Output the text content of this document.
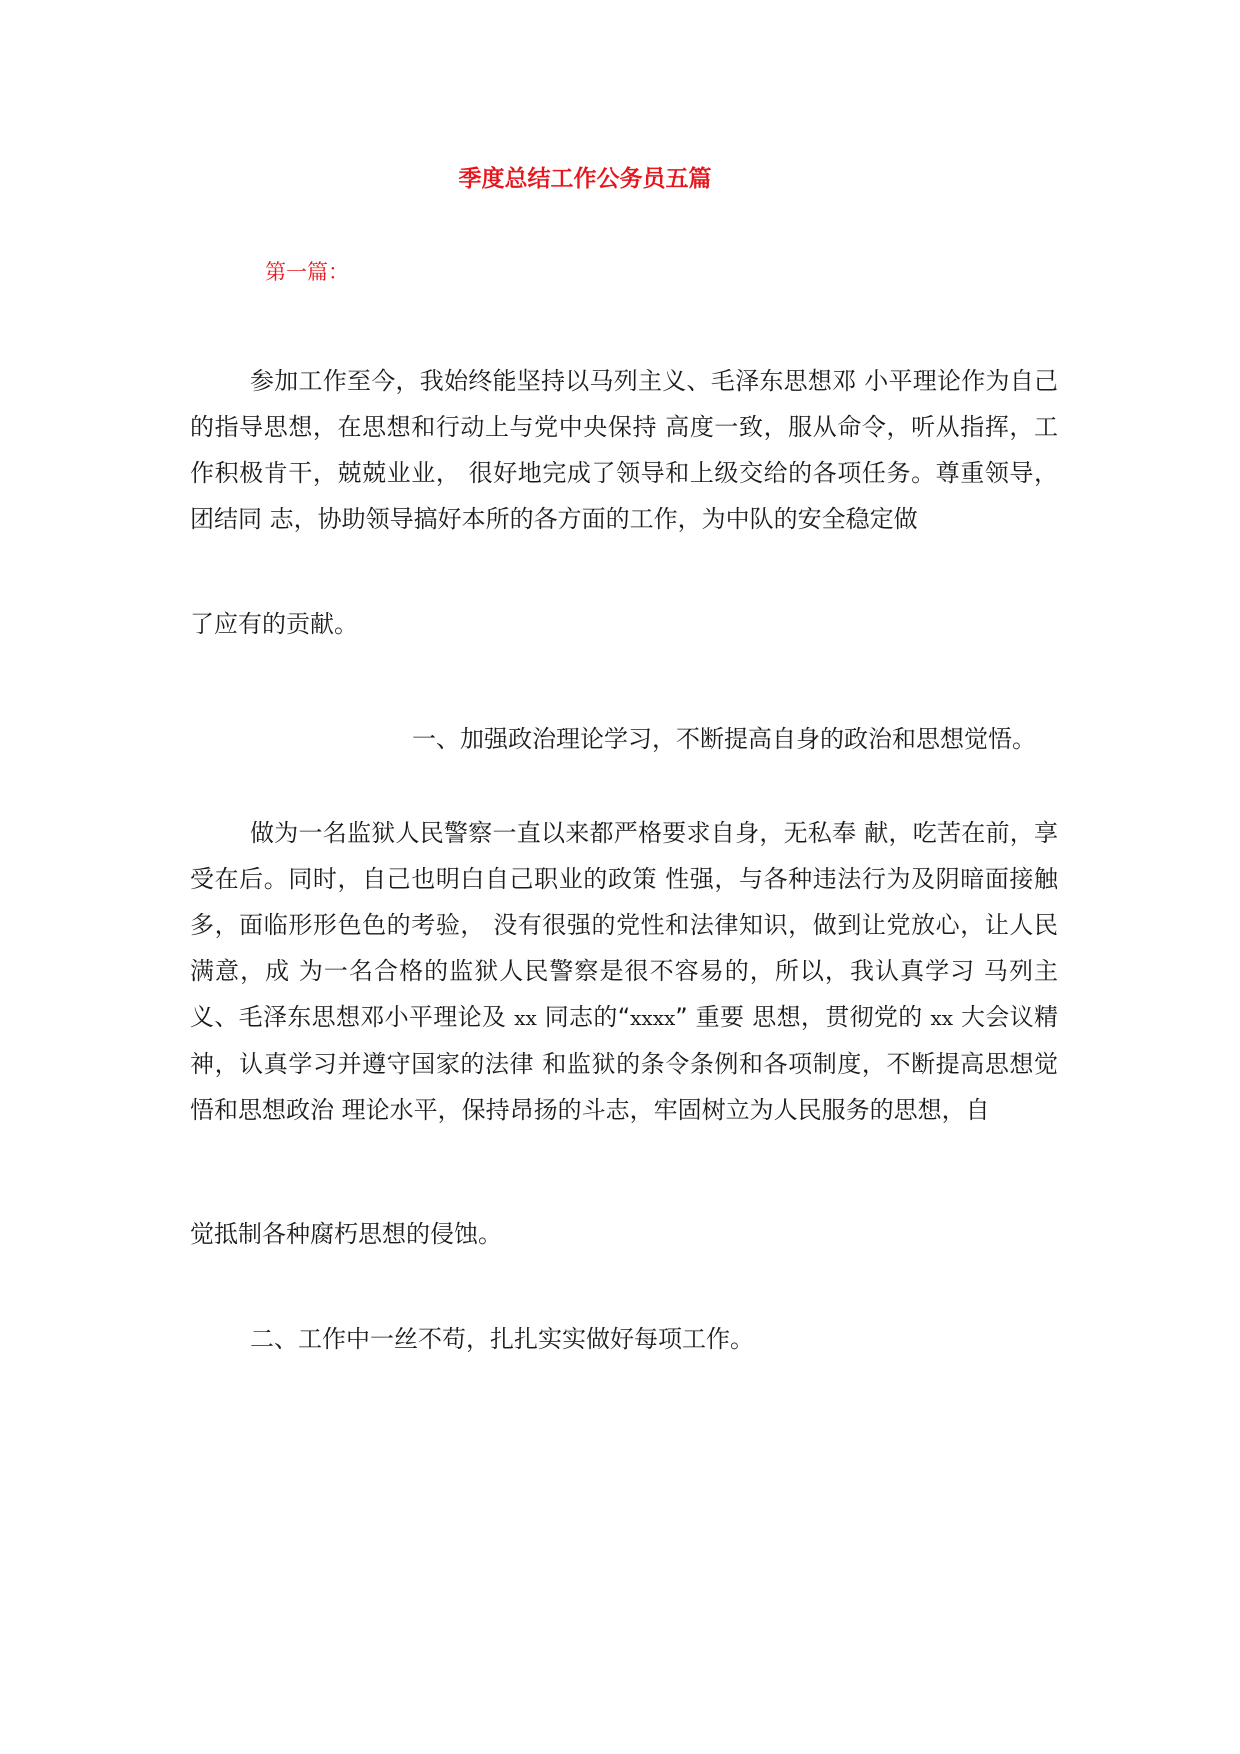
季度总结工作公务员五篇
第一篇：

参加工作至今，我始终能坚持以马列主义、毛泽东思想邓 小平理论作为自己的指导思想，在思想和行动上与党中央保持 高度一致，服从命令，听从指挥，工作积极肯干，兢兢业业， 很好地完成了领导和上级交给的各项任务。尊重领导，团结同 志，协助领导搞好本所的各方面的工作，为中队的安全稳定做

了应有的贡献。

一、加强政治理论学习，不断提高自身的政治和思想觉悟。

做为一名监狱人民警察一直以来都严格要求自身，无私奉 献，吃苦在前，享受在后。同时，自己也明白自己职业的政策 性强，与各种违法行为及阴暗面接触多，面临形形色色的考验， 没有很强的党性和法律知识，做到让党放心，让人民满意，成 为一名合格的监狱人民警察是很不容易的，所以，我认真学习 马列主义、毛泽东思想邓小平理论及 xx 同志的“xxxx” 重要 思想，贯彻党的 xx 大会议精神，认真学习并遵守国家的法律 和监狱的条令条例和各项制度，不断提高思想觉悟和思想政治 理论水平，保持昂扬的斗志，牢固树立为人民服务的思想，自

觉抵制各种腐朽思想的侵蚀。

二、工作中一丝不苟，扎扎实实做好每项工作。
